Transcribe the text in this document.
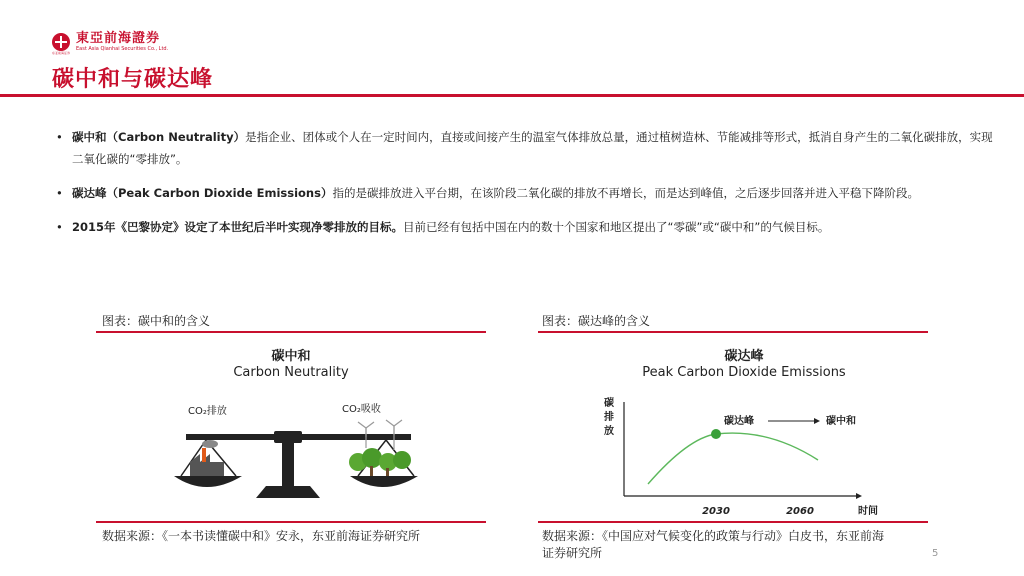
東亞前海證券
East Asia Qianhai Securities Co., Ltd.
东亚前海证券
碳中和与碳达峰
• 碳中和（Carbon Neutrality）是指企业、团体或个人在一定时间内，直接或间接产生的温室气体排放总量，通过植树造林、节能减排等形式，抵消自身产生的二氧化碳排放，实现二氧化碳的“零排放”。
• 碳达峰（Peak Carbon Dioxide Emissions）指的是碳排放进入平台期，在该阶段二氧化碳的排放不再增长，而是达到峰值，之后逐步回落并进入平稳下降阶段。
• 2015年《巴黎协定》设定了本世纪后半叶实现净零排放的目标。目前已经有包括中国在内的数十个国家和地区提出了“零碳”或“碳中和”的气候目标。
图表：碳中和的含义
碳中和
Carbon Neutrality
CO₂排放	CO₂吸收
数据来源：《一本书读懂碳中和》安永，东亚前海证券研究所
图表：碳达峰的含义
碳达峰
Peak Carbon Dioxide Emissions
碳排放
时间
2030	2060
碳达峰	碳中和
数据来源：《中国应对气候变化的政策与行动》白皮书，东亚前海
证券研究所	5
